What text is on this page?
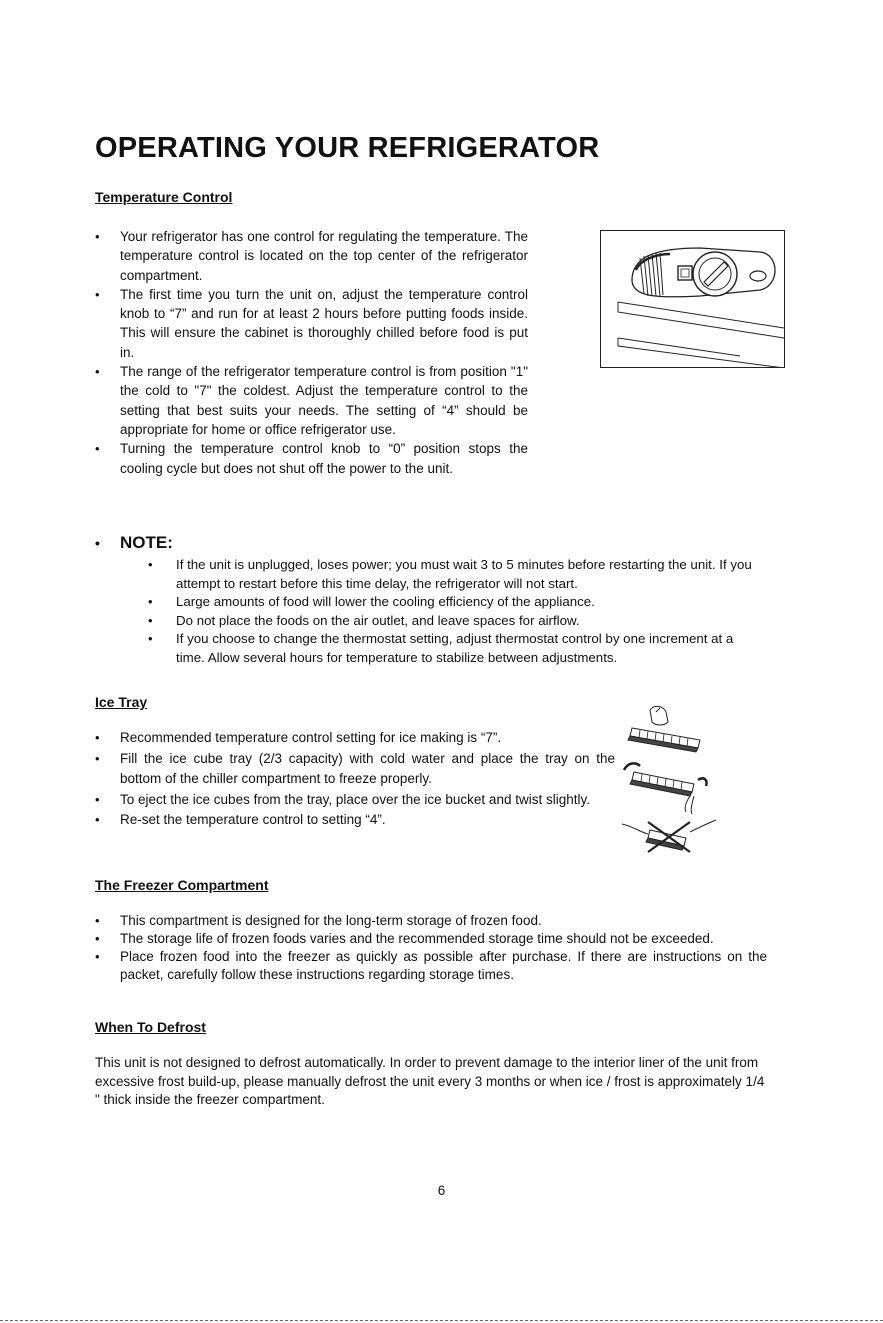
OPERATING YOUR REFRIGERATOR
Temperature Control
• Your refrigerator has one control for regulating the temperature. The temperature control is located on the top center of the refrigerator compartment.
• The first time you turn the unit on, adjust the temperature control knob to “7” and run for at least 2 hours before putting foods inside. This will ensure the cabinet is thoroughly chilled before food is put in.
• The range of the refrigerator temperature control is from position "1" the cold to "7" the coldest. Adjust the temperature control to the setting that best suits your needs. The setting of “4” should be appropriate for home or office refrigerator use.
• Turning the temperature control knob to “0” position stops the cooling cycle but does not shut off the power to the unit.
• NOTE:
• If the unit is unplugged, loses power; you must wait 3 to 5 minutes before restarting the unit. If you attempt to restart before this time delay, the refrigerator will not start.
• Large amounts of food will lower the cooling efficiency of the appliance.
• Do not place the foods on the air outlet, and leave spaces for airflow.
• If you choose to change the thermostat setting, adjust thermostat control by one increment at a time. Allow several hours for temperature to stabilize between adjustments.
Ice Tray
• Recommended temperature control setting for ice making is “7”.
• Fill the ice cube tray (2/3 capacity) with cold water and place the tray on the bottom of the chiller compartment to freeze properly.
• To eject the ice cubes from the tray, place over the ice bucket and twist slightly.
• Re-set the temperature control to setting “4”.
The Freezer Compartment
• This compartment is designed for the long-term storage of frozen food.
• The storage life of frozen foods varies and the recommended storage time should not be exceeded.
• Place frozen food into the freezer as quickly as possible after purchase. If there are instructions on the packet, carefully follow these instructions regarding storage times.
When To Defrost
This unit is not designed to defrost automatically. In order to prevent damage to the interior liner of the unit from excessive frost build-up, please manually defrost the unit every 3 months or when ice / frost is approximately 1/4 " thick inside the freezer compartment.
6
